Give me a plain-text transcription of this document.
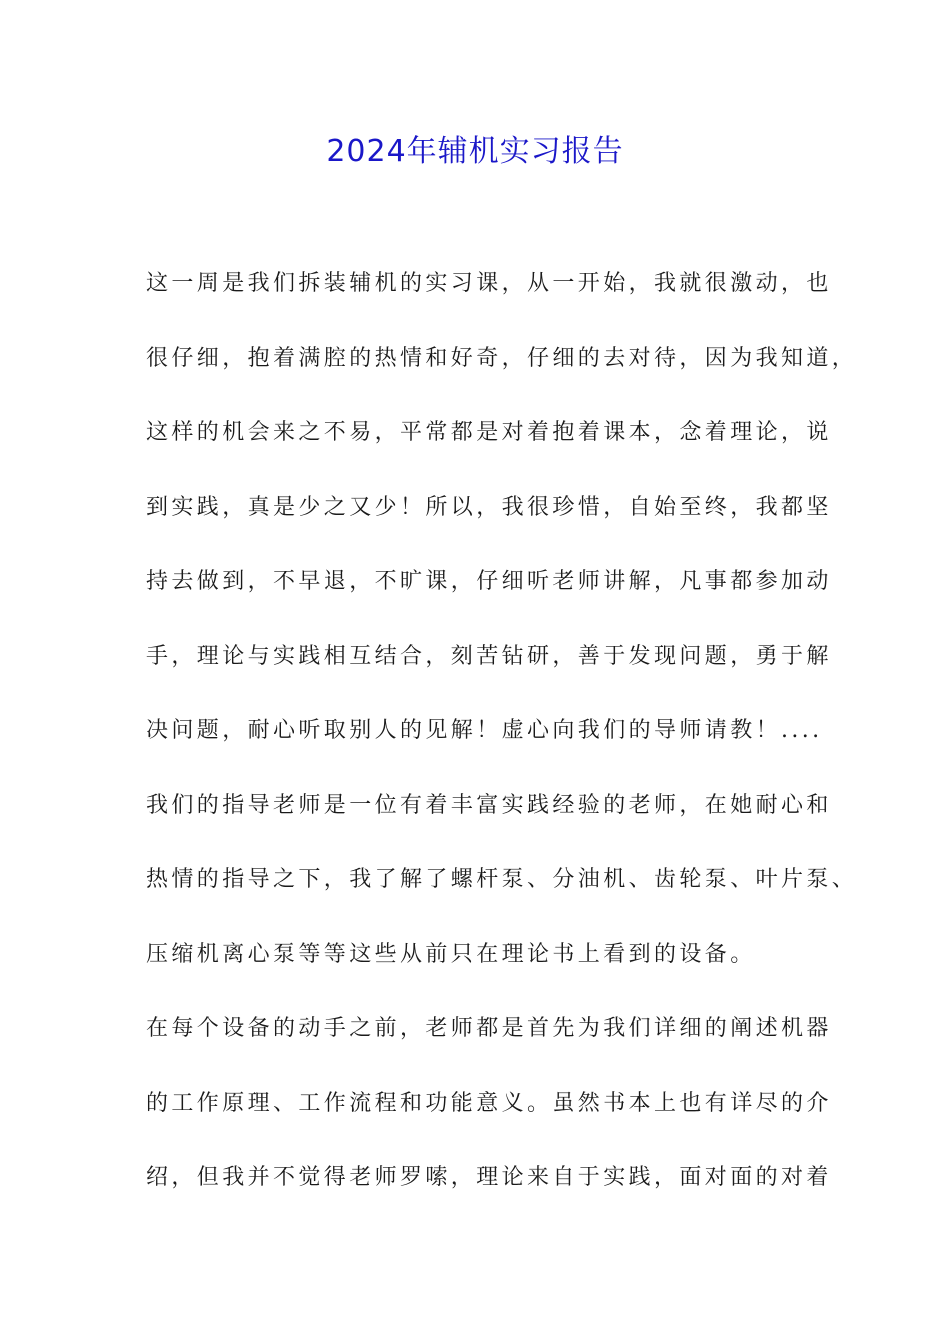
2024年辅机实习报告
这一周是我们拆装辅机的实习课，从一开始，我就很激动，也
很仔细，抱着满腔的热情和好奇，仔细的去对待，因为我知道，
这样的机会来之不易，平常都是对着抱着课本，念着理论，说
到实践，真是少之又少！所以，我很珍惜，自始至终，我都坚
持去做到，不早退，不旷课，仔细听老师讲解，凡事都参加动
手，理论与实践相互结合，刻苦钻研，善于发现问题，勇于解
决问题，耐心听取别人的见解！虚心向我们的导师请教！....
我们的指导老师是一位有着丰富实践经验的老师，在她耐心和
热情的指导之下，我了解了螺杆泵、分油机、齿轮泵、叶片泵、
压缩机离心泵等等这些从前只在理论书上看到的设备。
在每个设备的动手之前，老师都是首先为我们详细的阐述机器
的工作原理、工作流程和功能意义。虽然书本上也有详尽的介
绍，但我并不觉得老师罗嗦，理论来自于实践，面对面的对着
